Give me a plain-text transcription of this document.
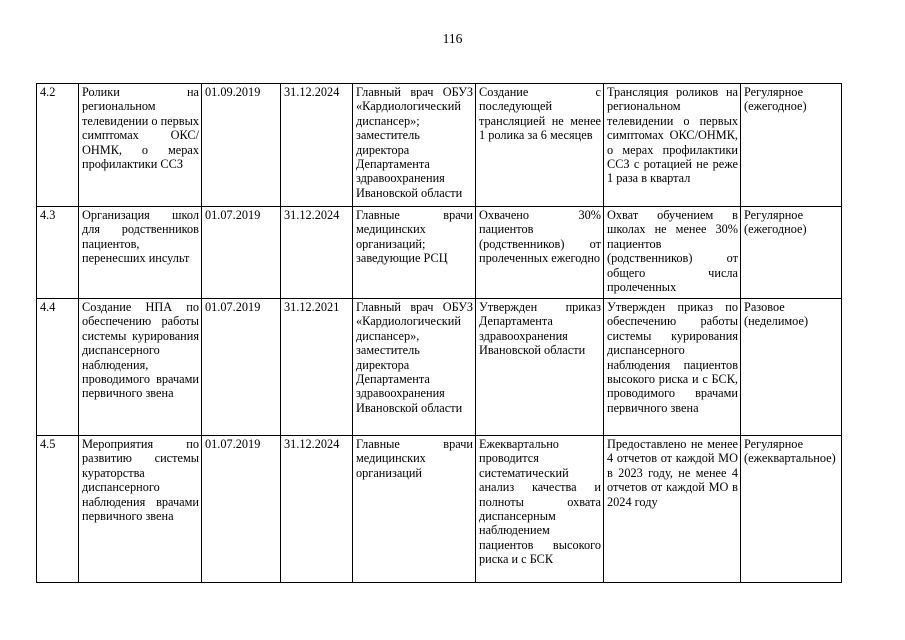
116
4.2	Ролики на региональном телевидении о первых симптомах ОКС/ОНМК, о мерах профилактики ССЗ	01.09.2019	31.12.2024	Главный врач ОБУЗ «Кардиологический диспансер»; заместитель директора Департамента здравоохранения Ивановской области	Создание с последующей трансляцией не менее 1 ролика за 6 месяцев	Трансляция роликов на региональном телевидении о первых симптомах ОКС/ОНМК, о мерах профилактики ССЗ с ротацией не реже 1 раза в квартал	Регулярное (ежегодное)
4.3	Организация школ для родственников пациентов, перенесших инсульт	01.07.2019	31.12.2024	Главные врачи медицинских организаций; заведующие РСЦ	Охвачено 30% пациентов (родственников) от пролеченных ежегодно	Охват обучением в школах не менее 30% пациентов (родственников) от общего числа пролеченных	Регулярное (ежегодное)
4.4	Создание НПА по обеспечению работы системы курирования диспансерного наблюдения, проводимого врачами первичного звена	01.07.2019	31.12.2021	Главный врач ОБУЗ «Кардиологический диспансер», заместитель директора Департамента здравоохранения Ивановской области	Утвержден приказ Департамента здравоохранения Ивановской области	Утвержден приказ по обеспечению работы системы курирования диспансерного наблюдения пациентов высокого риска и с БСК, проводимого врачами первичного звена	Разовое (неделимое)
4.5	Мероприятия по развитию системы кураторства диспансерного наблюдения врачами первичного звена	01.07.2019	31.12.2024	Главные врачи медицинских организаций	Ежеквартально проводится систематический анализ качества и полноты охвата диспансерным наблюдением пациентов высокого риска и с БСК	Предоставлено не менее 4 отчетов от каждой МО в 2023 году, не менее 4 отчетов от каждой МО в 2024 году	Регулярное (ежеквартальное)
